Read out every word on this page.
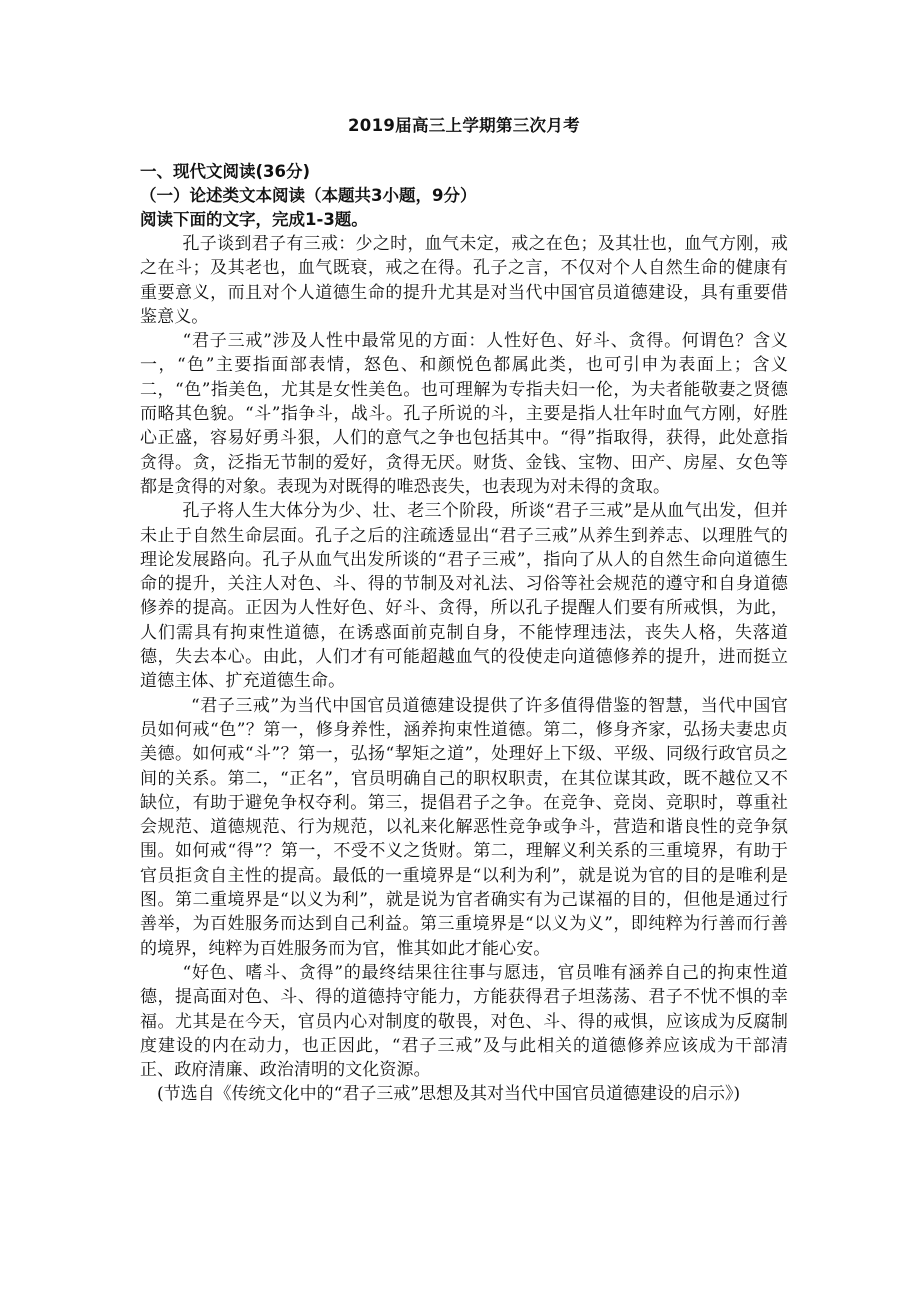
2019届高三上学期第三次月考
一、现代文阅读(36分)
（一）论述类文本阅读（本题共3小题，9分）
阅读下面的文字，完成1-3题。

孔子谈到君子有三戒：少之时，血气未定，戒之在色；及其壮也，血气方刚，戒之在斗；及其老也，血气既衰，戒之在得。孔子之言，不仅对个人自然生命的健康有重要意义，而且对个人道德生命的提升尤其是对当代中国官员道德建设，具有重要借鉴意义。

“君子三戒”涉及人性中最常见的方面：人性好色、好斗、贪得。何谓色？含义一，“色”主要指面部表情，怒色、和颜悦色都属此类，也可引申为表面上；含义二，“色”指美色，尤其是女性美色。也可理解为专指夫妇一伦，为夫者能敬妻之贤德而略其色貌。“斗”指争斗，战斗。孔子所说的斗，主要是指人壮年时血气方刚，好胜心正盛，容易好勇斗狠，人们的意气之争也包括其中。“得”指取得，获得，此处意指贪得。贪，泛指无节制的爱好，贪得无厌。财货、金钱、宝物、田产、房屋、女色等都是贪得的对象。表现为对既得的唯恐丧失，也表现为对未得的贪取。

孔子将人生大体分为少、壮、老三个阶段，所谈“君子三戒”是从血气出发，但并未止于自然生命层面。孔子之后的注疏透显出“君子三戒”从养生到养志、以理胜气的理论发展路向。孔子从血气出发所谈的“君子三戒”，指向了从人的自然生命向道德生命的提升，关注人对色、斗、得的节制及对礼法、习俗等社会规范的遵守和自身道德修养的提高。正因为人性好色、好斗、贪得，所以孔子提醒人们要有所戒惧，为此，人们需具有拘束性道德，在诱惑面前克制自身，不能悖理违法，丧失人格，失落道德，失去本心。由此，人们才有可能超越血气的役使走向道德修养的提升，进而挺立道德主体、扩充道德生命。

“君子三戒”为当代中国官员道德建设提供了许多值得借鉴的智慧，当代中国官员如何戒“色”？第一，修身养性，涵养拘束性道德。第二，修身齐家，弘扬夫妻忠贞美德。如何戒“斗”？第一，弘扬“挈矩之道”，处理好上下级、平级、同级行政官员之间的关系。第二，“正名”，官员明确自己的职权职责，在其位谋其政，既不越位又不缺位，有助于避免争权夺利。第三，提倡君子之争。在竞争、竞岗、竞职时，尊重社会规范、道德规范、行为规范，以礼来化解恶性竞争或争斗，营造和谐良性的竞争氛围。如何戒“得”？第一，不受不义之货财。第二，理解义利关系的三重境界，有助于官员拒贪自主性的提高。最低的一重境界是“以利为利”，就是说为官的目的是唯利是图。第二重境界是“以义为利”，就是说为官者确实有为己谋福的目的，但他是通过行善举，为百姓服务而达到自己利益。第三重境界是“以义为义”，即纯粹为行善而行善的境界，纯粹为百姓服务而为官，惟其如此才能心安。

“好色、嗜斗、贪得”的最终结果往往事与愿违，官员唯有涵养自己的拘束性道德，提高面对色、斗、得的道德持守能力，方能获得君子坦荡荡、君子不忧不惧的幸福。尤其是在今天，官员内心对制度的敬畏，对色、斗、得的戒惧，应该成为反腐制度建设的内在动力，也正因此，“君子三戒”及与此相关的道德修养应该成为干部清正、政府清廉、政治清明的文化资源。

(节选自《传统文化中的“君子三戒”思想及其对当代中国官员道德建设的启示》)
